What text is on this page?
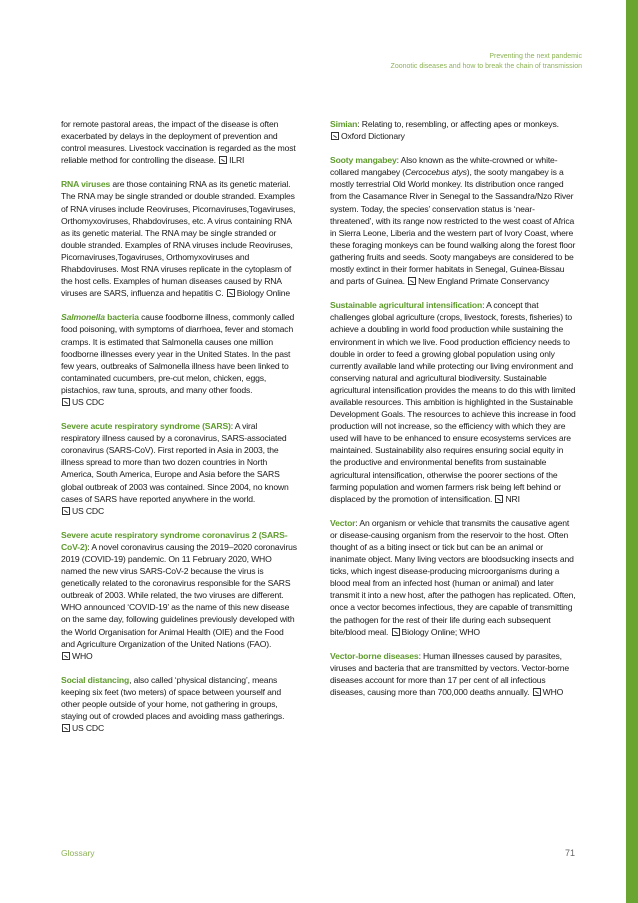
Preventing the next pandemic
Zoonotic diseases and how to break the chain of transmission

for remote pastoral areas, the impact of the disease is often exacerbated by delays in the deployment of prevention and control measures. Livestock vaccination is regarded as the most reliable method for controlling the disease. ILRI

RNA viruses are those containing RNA as its genetic material. The RNA may be single stranded or double stranded. Examples of RNA viruses include Reoviruses, Picornaviruses,Togaviruses, Orthomyxoviruses, Rhabdoviruses, etc. A virus containing RNA as its genetic material. The RNA may be single stranded or double stranded. Examples of RNA viruses include Reoviruses, Picornaviruses,Togaviruses, Orthomyxoviruses and Rhabdoviruses. Most RNA viruses replicate in the cytoplasm of the host cells. Examples of human diseases caused by RNA viruses are SARS, influenza and hepatitis C. Biology Online

Salmonella bacteria cause foodborne illness, commonly called food poisoning, with symptoms of diarrhoea, fever and stomach cramps. It is estimated that Salmonella causes one million foodborne illnesses every year in the United States. In the past few years, outbreaks of Salmonella illness have been linked to contaminated cucumbers, pre-cut melon, chicken, eggs, pistachios, raw tuna, sprouts, and many other foods. US CDC

Severe acute respiratory syndrome (SARS): A viral respiratory illness caused by a coronavirus, SARS-associated coronavirus (SARS-CoV). First reported in Asia in 2003, the illness spread to more than two dozen countries in North America, South America, Europe and Asia before the SARS global outbreak of 2003 was contained. Since 2004, no known cases of SARS have reported anywhere in the world. US CDC

Severe acute respiratory syndrome coronavirus 2 (SARS-CoV-2): A novel coronavirus causing the 2019–2020 coronavirus 2019 (COVID-19) pandemic. On 11 February 2020, WHO named the new virus SARS-CoV-2 because the virus is genetically related to the coronavirus responsible for the SARS outbreak of 2003. While related, the two viruses are different. WHO announced ‘COVID-19’ as the name of this new disease on the same day, following guidelines previously developed with the World Organisation for Animal Health (OIE) and the Food and Agriculture Organization of the United Nations (FAO). WHO

Social distancing, also called ‘physical distancing’, means keeping six feet (two meters) of space between yourself and other people outside of your home, not gathering in groups, staying out of crowded places and avoiding mass gatherings. US CDC

Simian: Relating to, resembling, or affecting apes or monkeys. Oxford Dictionary

Sooty mangabey: Also known as the white-crowned or white-collared mangabey (Cercocebus atys), the sooty mangabey is a mostly terrestrial Old World monkey. Its distribution once ranged from the Casamance River in Senegal to the Sassandra/Nzo River system. Today, the species’ conservation status is ‘near-threatened’, with its range now restricted to the west coast of Africa in Sierra Leone, Liberia and the western part of Ivory Coast, where these foraging monkeys can be found walking along the forest floor gathering fruits and seeds. Sooty mangabeys are considered to be mostly extinct in their former habitats in Senegal, Guinea-Bissau and parts of Guinea. New England Primate Conservancy

Sustainable agricultural intensification: A concept that challenges global agriculture (crops, livestock, forests, fisheries) to achieve a doubling in world food production while sustaining the environment in which we live. Food production efficiency needs to double in order to feed a growing global population using only currently available land while protecting our living environment and conserving natural and agricultural biodiversity. Sustainable agricultural intensification provides the means to do this with limited available resources. This ambition is highlighted in the Sustainable Development Goals. The resources to achieve this increase in food production will not increase, so the efficiency with which they are used will have to be enhanced to ensure ecosystems services are maintained. Sustainability also requires ensuring social equity in the productive and environmental benefits from sustainable agricultural intensification, otherwise the poorer sections of the farming population and women farmers risk being left behind or displaced by the promotion of intensification. NRI

Vector: An organism or vehicle that transmits the causative agent or disease-causing organism from the reservoir to the host. Often thought of as a biting insect or tick but can be an animal or inanimate object. Many living vectors are bloodsucking insects and ticks, which ingest disease-producing microorganisms during a blood meal from an infected host (human or animal) and later transmit it into a new host, after the pathogen has replicated. Often, once a vector becomes infectious, they are capable of transmitting the pathogen for the rest of their life during each subsequent bite/blood meal. Biology Online; WHO

Vector-borne diseases: Human illnesses caused by parasites, viruses and bacteria that are transmitted by vectors. Vector-borne diseases account for more than 17 per cent of all infectious diseases, causing more than 700,000 deaths annually. WHO

Glossary	71
